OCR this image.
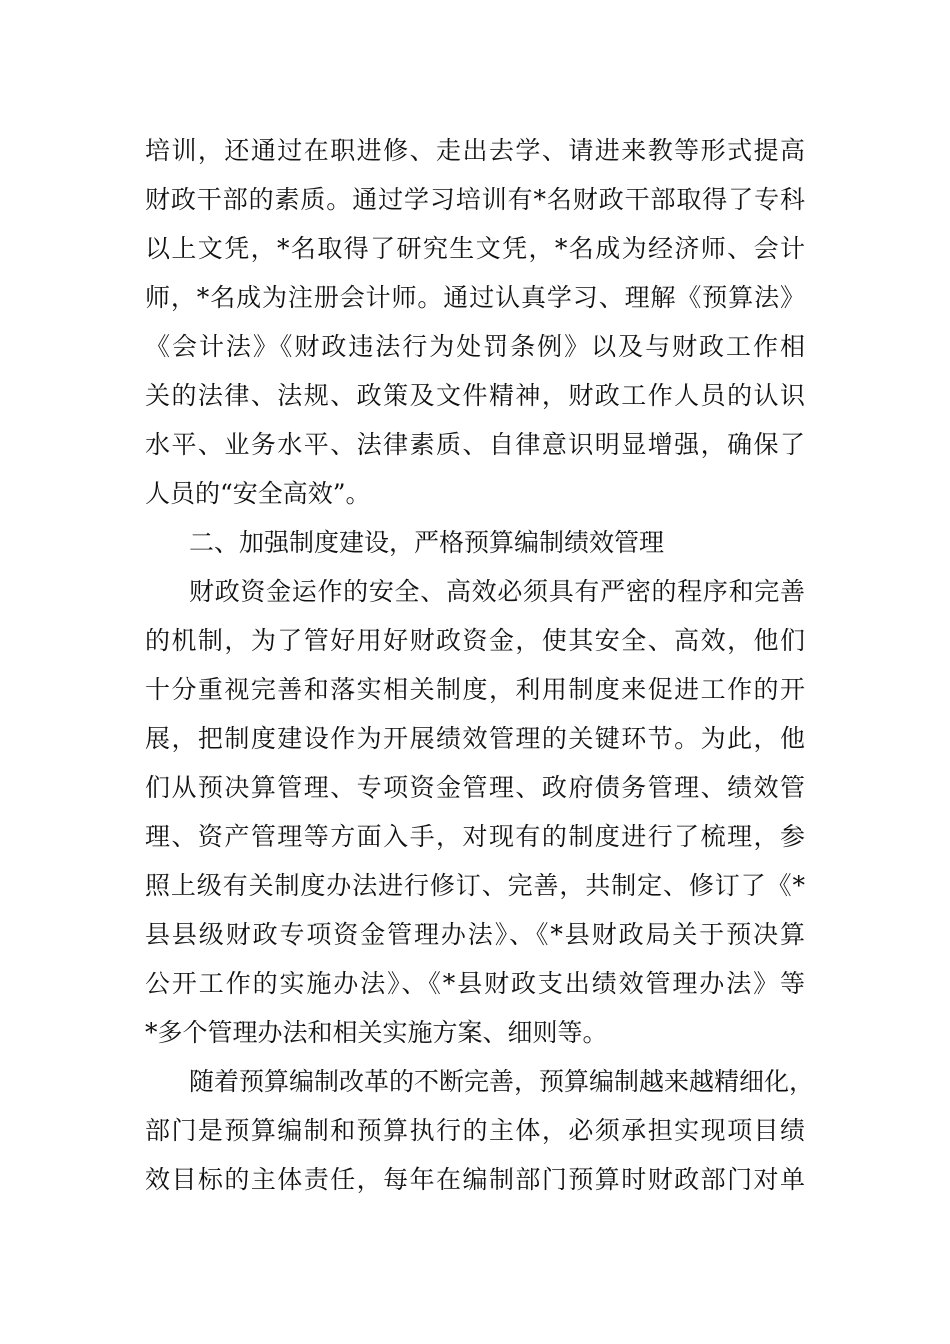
培训，还通过在职进修、走出去学、请进来教等形式提高
财政干部的素质。通过学习培训有*名财政干部取得了专科
以上文凭，*名取得了研究生文凭，*名成为经济师、会计
师，*名成为注册会计师。通过认真学习、理解《预算法》
《会计法》《财政违法行为处罚条例》以及与财政工作相
关的法律、法规、政策及文件精神，财政工作人员的认识
水平、业务水平、法律素质、自律意识明显增强，确保了
人员的“安全高效”。
二、加强制度建设，严格预算编制绩效管理
财政资金运作的安全、高效必须具有严密的程序和完善
的机制，为了管好用好财政资金，使其安全、高效，他们
十分重视完善和落实相关制度，利用制度来促进工作的开
展，把制度建设作为开展绩效管理的关键环节。为此，他
们从预决算管理、专项资金管理、政府债务管理、绩效管
理、资产管理等方面入手，对现有的制度进行了梳理，参
照上级有关制度办法进行修订、完善，共制定、修订了《*
县县级财政专项资金管理办法》、《*县财政局关于预决算
公开工作的实施办法》、《*县财政支出绩效管理办法》等
*多个管理办法和相关实施方案、细则等。
随着预算编制改革的不断完善，预算编制越来越精细化，
部门是预算编制和预算执行的主体，必须承担实现项目绩
效目标的主体责任，每年在编制部门预算时财政部门对单
